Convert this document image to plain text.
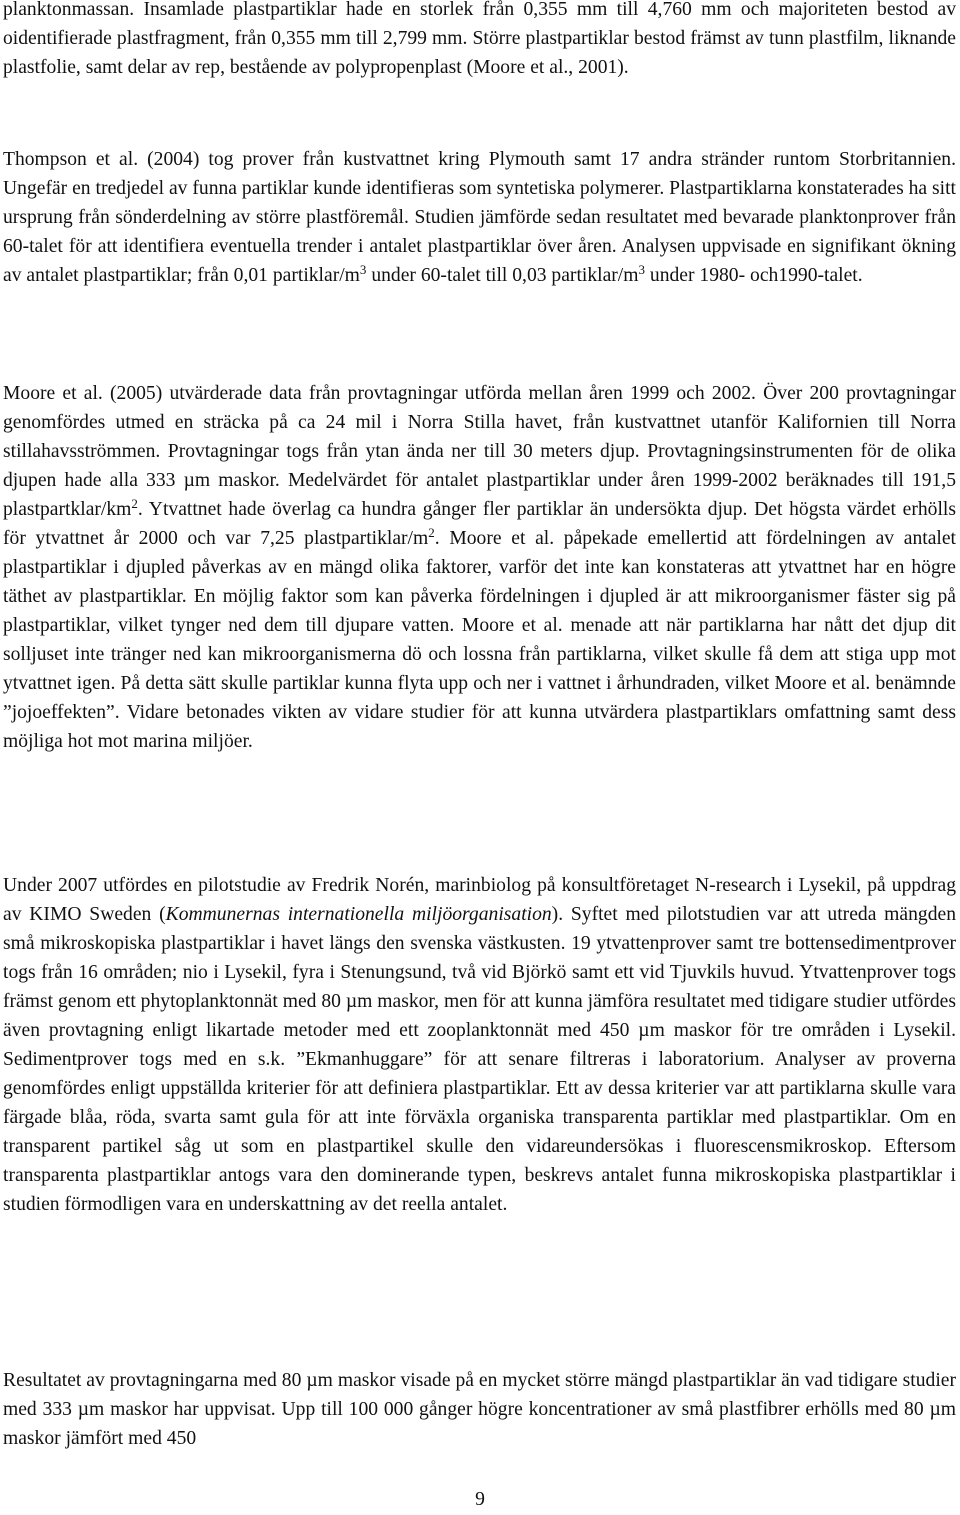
planktonmassan. Insamlade plastpartiklar hade en storlek från 0,355 mm till 4,760 mm och majoriteten bestod av oidentifierade plastfragment, från 0,355 mm till 2,799 mm. Större plastpartiklar bestod främst av tunn plastfilm, liknande plastfolie, samt delar av rep, bestående av polypropenplast (Moore et al., 2001).

Thompson et al. (2004) tog prover från kustvattnet kring Plymouth samt 17 andra stränder runtom Storbritannien. Ungefär en tredjedel av funna partiklar kunde identifieras som syntetiska polymerer. Plastpartiklarna konstaterades ha sitt ursprung från sönderdelning av större plastföremål. Studien jämförde sedan resultatet med bevarade planktonprover från 60-talet för att identifiera eventuella trender i antalet plastpartiklar över åren. Analysen uppvisade en signifikant ökning av antalet plastpartiklar; från 0,01 partiklar/$m^3$ under 60-talet till 0,03 partiklar/$m^3$ under 1980- och1990-talet.

Moore et al. (2005) utvärderade data från provtagningar utförda mellan åren 1999 och 2002. Över 200 provtagningar genomfördes utmed en sträcka på ca 24 mil i Norra Stilla havet, från kustvattnet utanför Kalifornien till Norra stillahavsströmmen. Provtagningar togs från ytan ända ner till 30 meters djup. Provtagningsinstrumenten för de olika djupen hade alla 333 µm maskor. Medelvärdet för antalet plastpartiklar under åren 1999-2002 beräknades till 191,5 plastpartklar/$km^2$. Ytvattnet hade överlag ca hundra gånger fler partiklar än undersökta djup. Det högsta värdet erhölls för ytvattnet år 2000 och var 7,25 plastpartiklar/$m^2$. Moore et al. påpekade emellertid att fördelningen av antalet plastpartiklar i djupled påverkas av en mängd olika faktorer, varför det inte kan konstateras att ytvattnet har en högre täthet av plastpartiklar. En möjlig faktor som kan påverka fördelningen i djupled är att mikroorganismer fäster sig på plastpartiklar, vilket tynger ned dem till djupare vatten. Moore et al. menade att när partiklarna har nått det djup dit solljuset inte tränger ned kan mikroorganismerna dö och lossna från partiklarna, vilket skulle få dem att stiga upp mot ytvattnet igen. På detta sätt skulle partiklar kunna flyta upp och ner i vattnet i århundraden, vilket Moore et al. benämnde ”jojoeffekten”. Vidare betonades vikten av vidare studier för att kunna utvärdera plastpartiklars omfattning samt dess möjliga hot mot marina miljöer.

Under 2007 utfördes en pilotstudie av Fredrik Norén, marinbiolog på konsultföretaget N-research i Lysekil, på uppdrag av KIMO Sweden (Kommunernas internationella miljöorganisation). Syftet med pilotstudien var att utreda mängden små mikroskopiska plastpartiklar i havet längs den svenska västkusten. 19 ytvattenprover samt tre bottensedimentprover togs från 16 områden; nio i Lysekil, fyra i Stenungsund, två vid Björkö samt ett vid Tjuvkils huvud. Ytvattenprover togs främst genom ett phytoplanktonnät med 80 µm maskor, men för att kunna jämföra resultatet med tidigare studier utfördes även provtagning enligt likartade metoder med ett zooplanktonnät med 450 µm maskor för tre områden i Lysekil. Sedimentprover togs med en s.k. ”Ekmanhuggare” för att senare filtreras i laboratorium. Analyser av proverna genomfördes enligt uppställda kriterier för att definiera plastpartiklar. Ett av dessa kriterier var att partiklarna skulle vara färgade blåa, röda, svarta samt gula för att inte förväxla organiska transparenta partiklar med plastpartiklar. Om en transparent partikel såg ut som en plastpartikel skulle den vidareundersökas i fluorescensmikroskop. Eftersom transparenta plastpartiklar antogs vara den dominerande typen, beskrevs antalet funna mikroskopiska plastpartiklar i studien förmodligen vara en underskattning av det reella antalet.

Resultatet av provtagningarna med 80 µm maskor visade på en mycket större mängd plastpartiklar än vad tidigare studier med 333 µm maskor har uppvisat. Upp till 100 000 gånger högre koncentrationer av små plastfibrer erhölls med 80 µm maskor jämfört med 450

9
